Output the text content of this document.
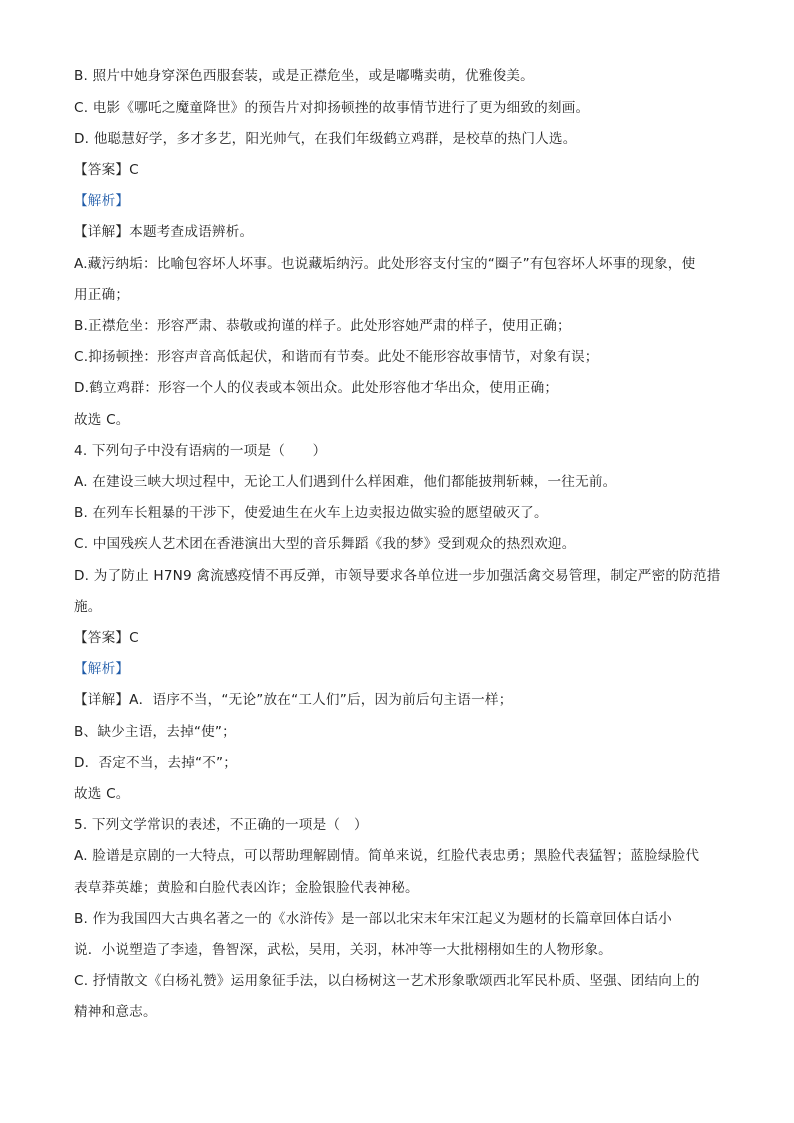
B. 照片中她身穿深色西服套装，或是正襟危坐，或是嘟嘴卖萌，优雅俊美。
C. 电影《哪吒之魔童降世》的预告片对抑扬顿挫的故事情节进行了更为细致的刻画。
D. 他聪慧好学，多才多艺，阳光帅气，在我们年级鹤立鸡群，是校草的热门人选。
【答案】C
【解析】
【详解】本题考查成语辨析。
A.藏污纳垢：比喻包容坏人坏事。也说藏垢纳污。此处形容支付宝的“圈子”有包容坏人坏事的现象，使
用正确；
B.正襟危坐：形容严肃、恭敬或拘谨的样子。此处形容她严肃的样子，使用正确；
C.抑扬顿挫：形容声音高低起伏，和谐而有节奏。此处不能形容故事情节，对象有误；
D.鹤立鸡群：形容一个人的仪表或本领出众。此处形容他才华出众，使用正确；
故选 C。
4. 下列句子中没有语病的一项是（　　）
A. 在建设三峡大坝过程中，无论工人们遇到什么样困难，他们都能披荆斩棘，一往无前。
B. 在列车长粗暴的干涉下，使爱迪生在火车上边卖报边做实验的愿望破灭了。
C. 中国残疾人艺术团在香港演出大型的音乐舞蹈《我的梦》受到观众的热烈欢迎。
D. 为了防止 H7N9 禽流感疫情不再反弹，市领导要求各单位进一步加强活禽交易管理，制定严密的防范措
施。
【答案】C
【解析】
【详解】A．语序不当，“无论”放在“工人们”后，因为前后句主语一样；
B、缺少主语，去掉“使”；
D．否定不当，去掉“不”；
故选 C。
5. 下列文学常识的表述，不正确的一项是（　）
A. 脸谱是京剧的一大特点，可以帮助理解剧情。简单来说，红脸代表忠勇；黑脸代表猛智；蓝脸绿脸代
表草莽英雄；黄脸和白脸代表凶诈；金脸银脸代表神秘。
B. 作为我国四大古典名著之一的《水浒传》是一部以北宋末年宋江起义为题材的长篇章回体白话小
说．小说塑造了李逵，鲁智深，武松，吴用，关羽，林冲等一大批栩栩如生的人物形象。
C. 抒情散文《白杨礼赞》运用象征手法，以白杨树这一艺术形象歌颂西北军民朴质、坚强、团结向上的
精神和意志。
